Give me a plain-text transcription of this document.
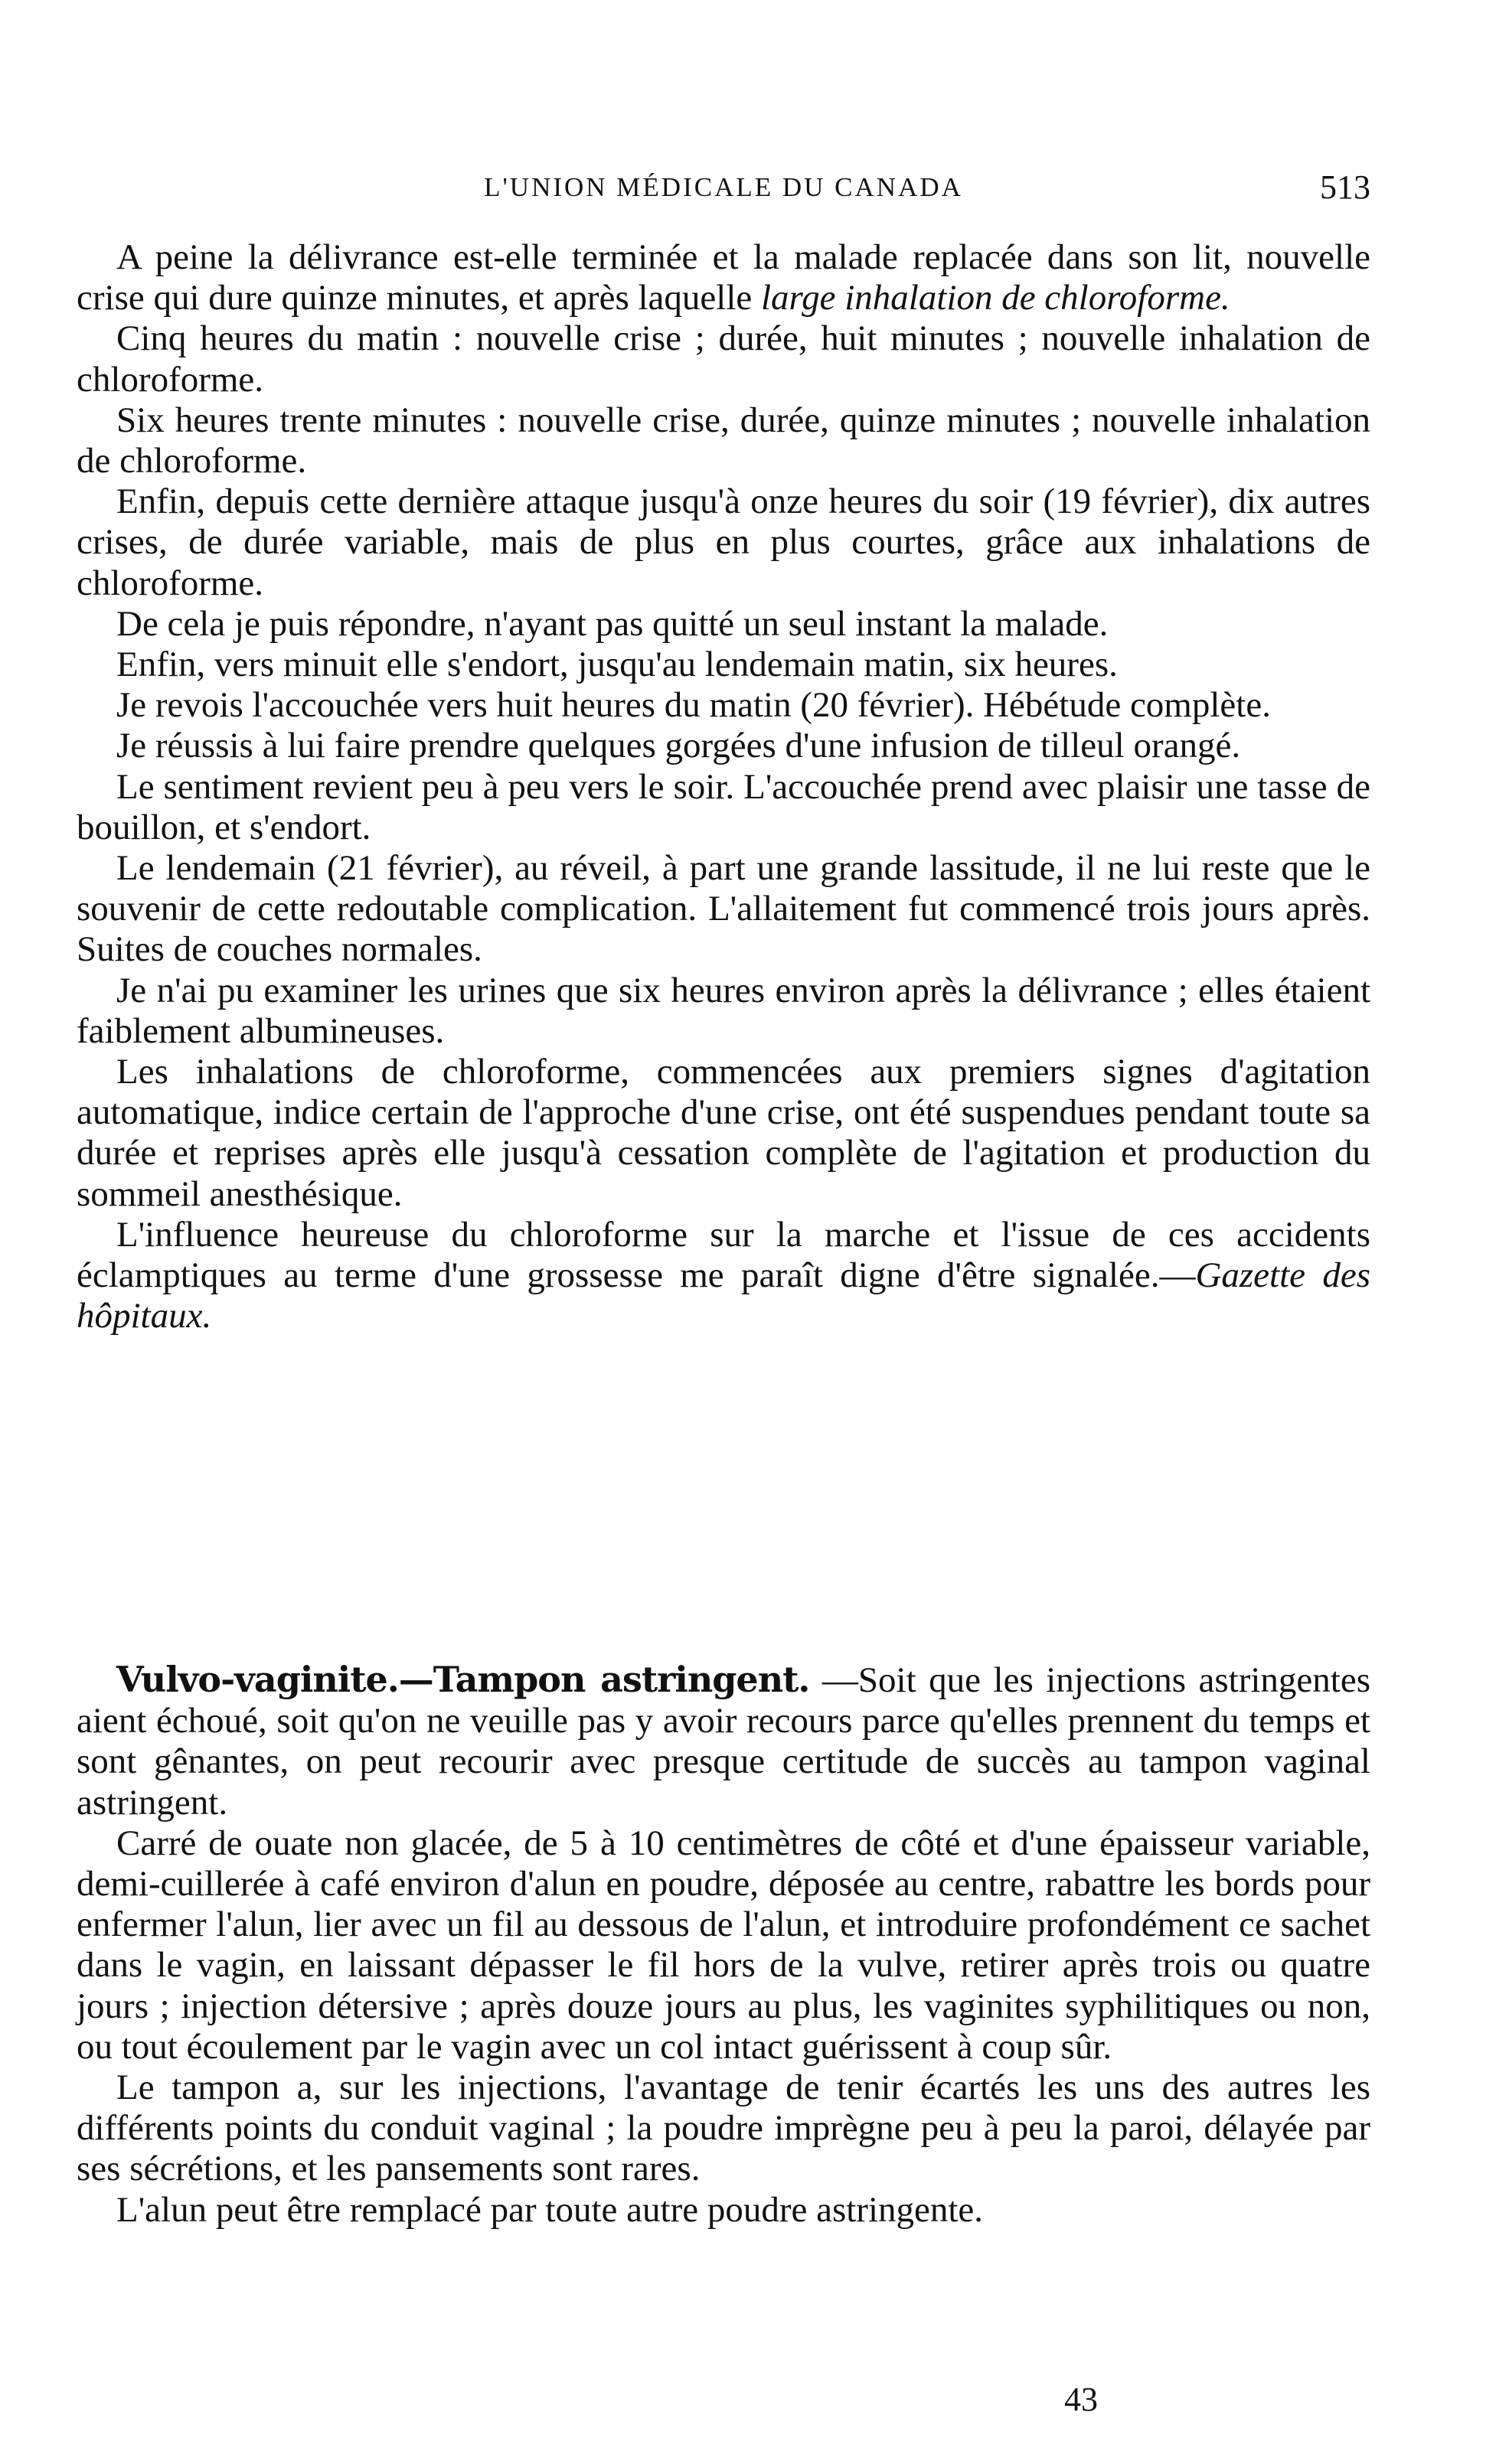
L'UNION MÉDICALE DU CANADA	513

A peine la délivrance est-elle terminée et la malade replacée dans son lit, nouvelle crise qui dure quinze minutes, et après laquelle large inhalation de chloroforme.

Cinq heures du matin : nouvelle crise ; durée, huit minutes ; nouvelle inhalation de chloroforme.

Six heures trente minutes : nouvelle crise, durée, quinze minutes ; nouvelle inhalation de chloroforme.

Enfin, depuis cette dernière attaque jusqu'à onze heures du soir (19 février), dix autres crises, de durée variable, mais de plus en plus courtes, grâce aux inhalations de chloroforme.

De cela je puis répondre, n'ayant pas quitté un seul instant la malade.

Enfin, vers minuit elle s'endort, jusqu'au lendemain matin, six heures.

Je revois l'accouchée vers huit heures du matin (20 février). Hébétude complète.

Je réussis à lui faire prendre quelques gorgées d'une infusion de tilleul orangé.

Le sentiment revient peu à peu vers le soir. L'accouchée prend avec plaisir une tasse de bouillon, et s'endort.

Le lendemain (21 février), au réveil, à part une grande lassitude, il ne lui reste que le souvenir de cette redoutable complication. L'allaitement fut commencé trois jours après. Suites de couches normales.

Je n'ai pu examiner les urines que six heures environ après la délivrance ; elles étaient faiblement albumineuses.

Les inhalations de chloroforme, commencées aux premiers signes d'agitation automatique, indice certain de l'approche d'une crise, ont été suspendues pendant toute sa durée et reprises après elle jusqu'à cessation complète de l'agitation et production du sommeil anesthésique.

L'influence heureuse du chloroforme sur la marche et l'issue de ces accidents éclamptiques au terme d'une grossesse me paraît digne d'être signalée.—Gazette des hôpitaux.

Vulvo-vaginite.—Tampon astringent. —Soit que les injections astringentes aient échoué, soit qu'on ne veuille pas y avoir recours parce qu'elles prennent du temps et sont gênantes, on peut recourir avec presque certitude de succès au tampon vaginal astringent.

Carré de ouate non glacée, de 5 à 10 centimètres de côté et d'une épaisseur variable, demi-cuillerée à café environ d'alun en poudre, déposée au centre, rabattre les bords pour enfermer l'alun, lier avec un fil au dessous de l'alun, et introduire profondément ce sachet dans le vagin, en laissant dépasser le fil hors de la vulve, retirer après trois ou quatre jours ; injection détersive ; après douze jours au plus, les vaginites syphilitiques ou non, ou tout écoulement par le vagin avec un col intact guérissent à coup sûr.

Le tampon a, sur les injections, l'avantage de tenir écartés les uns des autres les différents points du conduit vaginal ; la poudre imprègne peu à peu la paroi, délayée par ses sécrétions, et les pansements sont rares.

L'alun peut être remplacé par toute autre poudre astringente.

43
